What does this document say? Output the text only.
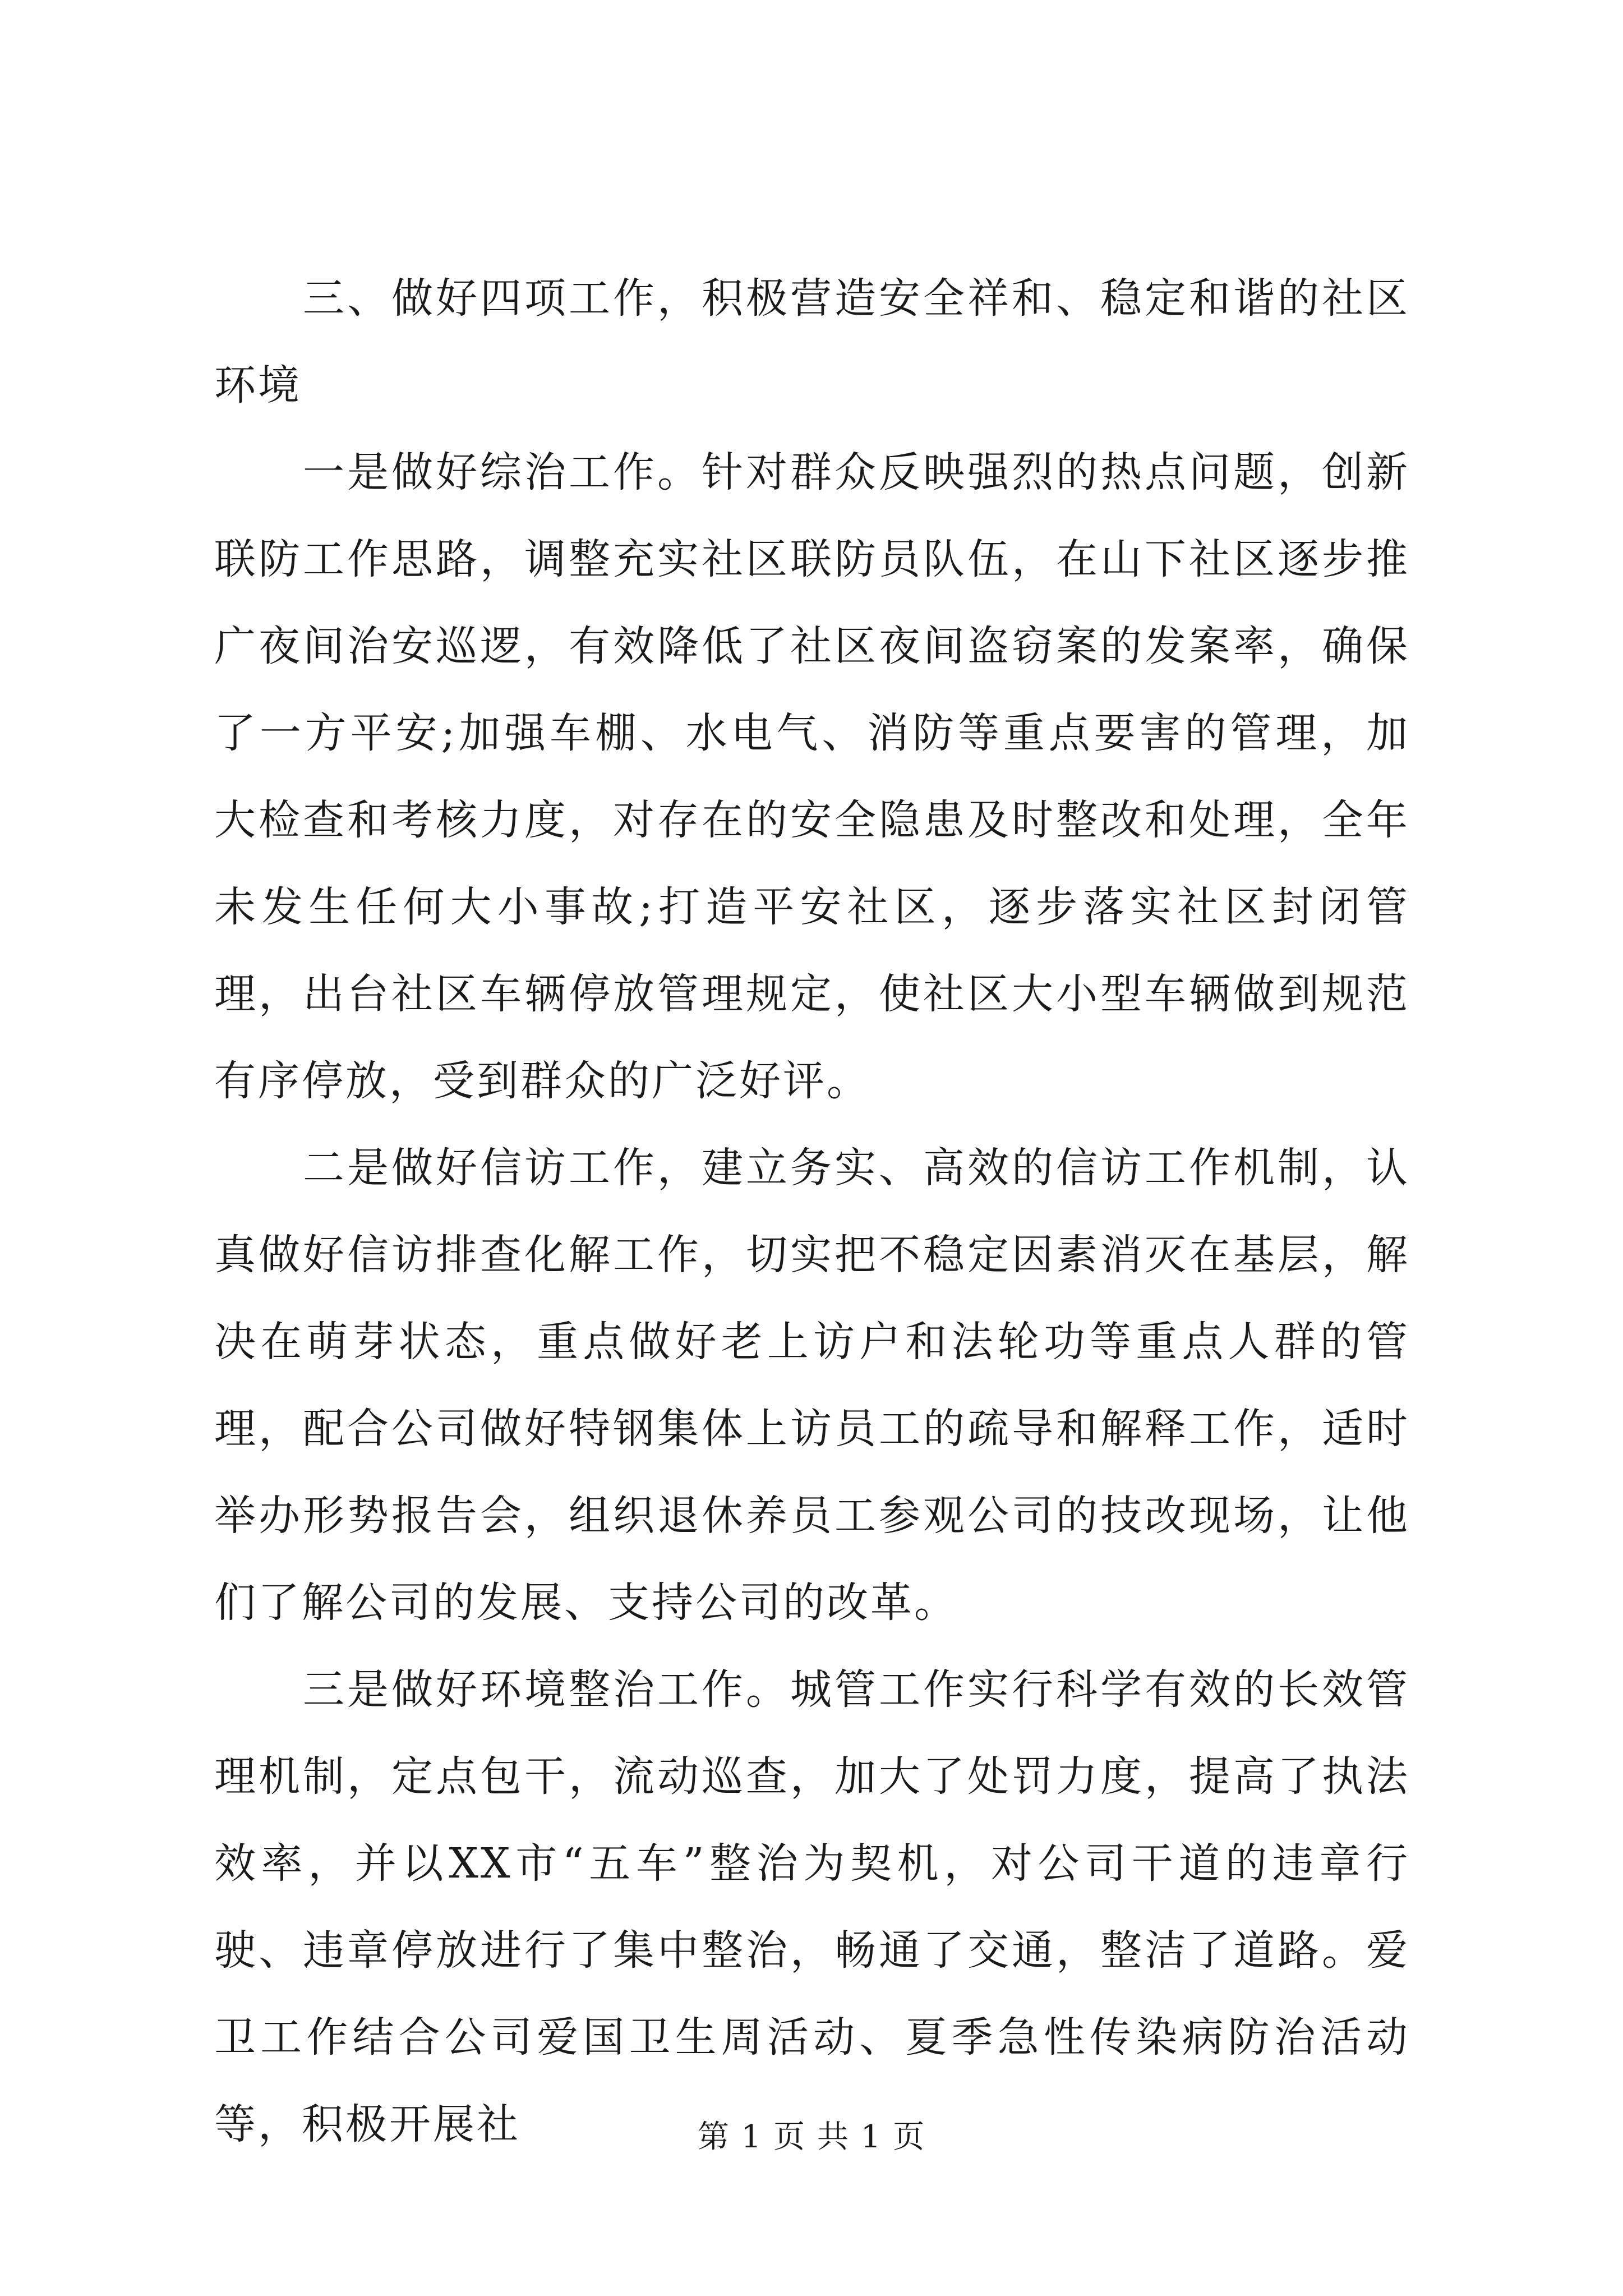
三、做好四项工作，积极营造安全祥和、稳定和谐的社区环境

一是做好综治工作。针对群众反映强烈的热点问题，创新联防工作思路，调整充实社区联防员队伍，在山下社区逐步推广夜间治安巡逻，有效降低了社区夜间盗窃案的发案率，确保了一方平安;加强车棚、水电气、消防等重点要害的管理，加大检查和考核力度，对存在的安全隐患及时整改和处理，全年未发生任何大小事故;打造平安社区，逐步落实社区封闭管理，出台社区车辆停放管理规定，使社区大小型车辆做到规范有序停放，受到群众的广泛好评。

二是做好信访工作，建立务实、高效的信访工作机制，认真做好信访排查化解工作，切实把不稳定因素消灭在基层，解决在萌芽状态，重点做好老上访户和法轮功等重点人群的管理，配合公司做好特钢集体上访员工的疏导和解释工作，适时举办形势报告会，组织退休养员工参观公司的技改现场，让他们了解公司的发展、支持公司的改革。

三是做好环境整治工作。城管工作实行科学有效的长效管理机制，定点包干，流动巡查，加大了处罚力度，提高了执法效率，并以XX市“五车”整治为契机，对公司干道的违章行驶、违章停放进行了集中整治，畅通了交通，整洁了道路。爱卫工作结合公司爱国卫生周活动、夏季急性传染病防治活动等，积极开展社	第 1 页 共 1 页
